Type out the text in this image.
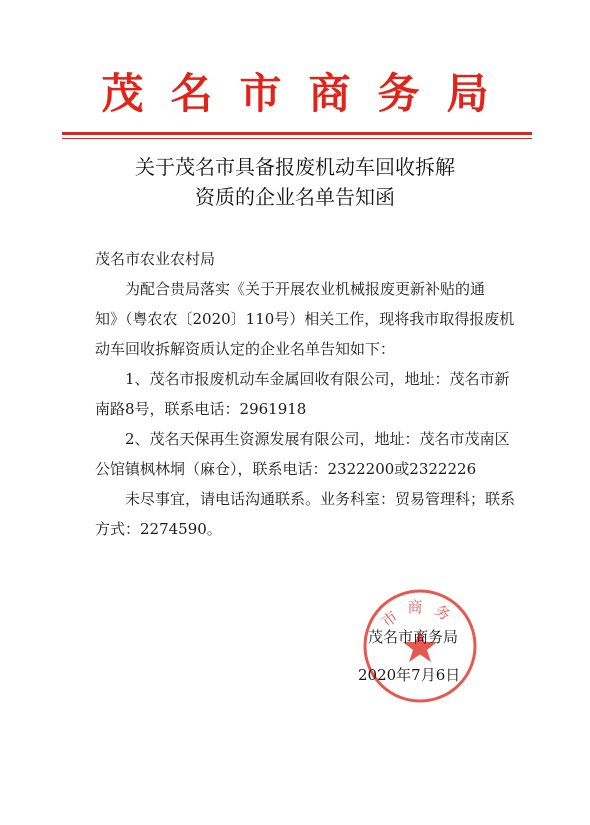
茂名市商务局
关于茂名市具备报废机动车回收拆解
资质的企业名单告知函

茂名市农业农村局

为配合贵局落实《关于开展农业机械报废更新补贴的通知》（粤农农〔2020〕110号）相关工作，现将我市取得报废机动车回收拆解资质认定的企业名单告知如下：

1、茂名市报废机动车金属回收有限公司，地址：茂名市新南路8号，联系电话：2961918

2、茂名天保再生资源发展有限公司，地址：茂名市茂南区公馆镇枫林垌（麻仓），联系电话：2322200或2322226

未尽事宜，请电话沟通联系。业务科室：贸易管理科；联系方式：2274590。

市商务
茂名市商务局
2020年7月6日
